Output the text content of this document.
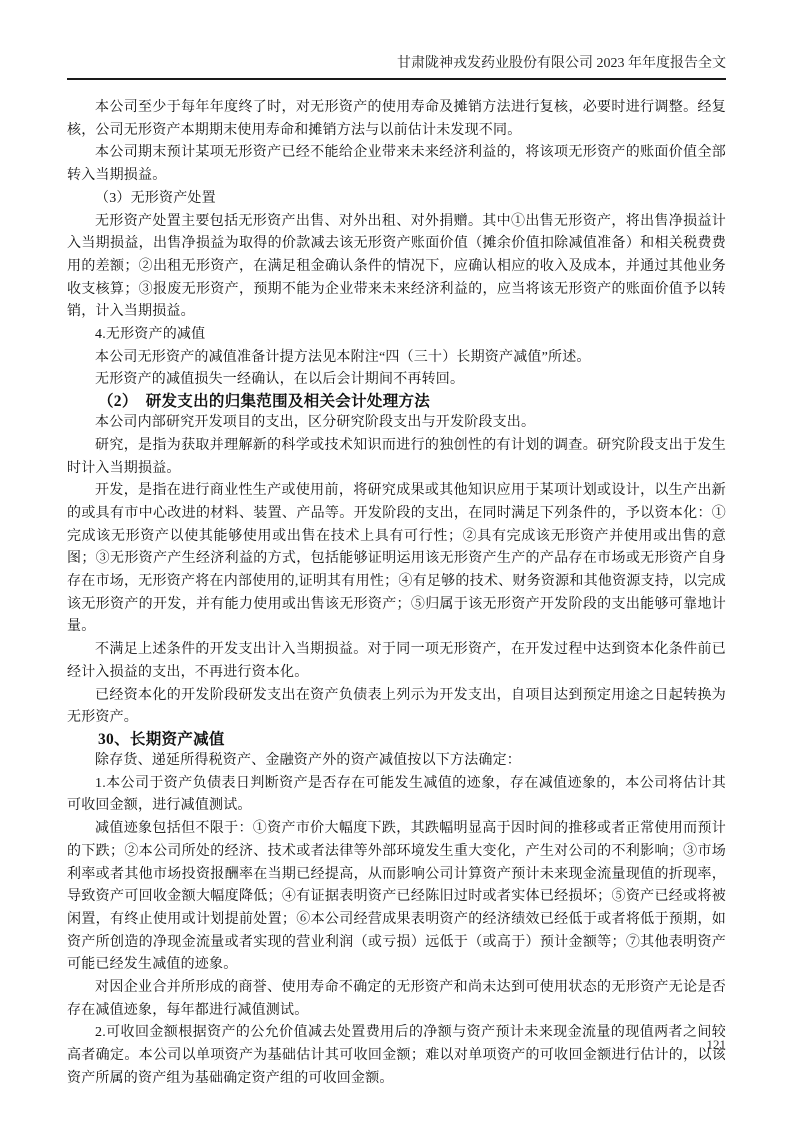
甘肃陇神戎发药业股份有限公司 2023 年年度报告全文

本公司至少于每年年度终了时，对无形资产的使用寿命及摊销方法进行复核，必要时进行调整。经复核，公司无形资产本期期末使用寿命和摊销方法与以前估计未发现不同。

本公司期末预计某项无形资产已经不能给企业带来未来经济利益的，将该项无形资产的账面价值全部转入当期损益。

（3）无形资产处置

无形资产处置主要包括无形资产出售、对外出租、对外捐赠。其中①出售无形资产，将出售净损益计入当期损益，出售净损益为取得的价款减去该无形资产账面价值（摊余价值扣除减值准备）和相关税费费用的差额；②出租无形资产，在满足租金确认条件的情况下，应确认相应的收入及成本，并通过其他业务收支核算；③报废无形资产，预期不能为企业带来未来经济利益的，应当将该无形资产的账面价值予以转销，计入当期损益。

4.无形资产的减值

本公司无形资产的减值准备计提方法见本附注“四（三十）长期资产减值”所述。

无形资产的减值损失一经确认，在以后会计期间不再转回。

（2）　研发支出的归集范围及相关会计处理方法

本公司内部研究开发项目的支出，区分研究阶段支出与开发阶段支出。

研究，是指为获取并理解新的科学或技术知识而进行的独创性的有计划的调查。研究阶段支出于发生时计入当期损益。

开发，是指在进行商业性生产或使用前，将研究成果或其他知识应用于某项计划或设计，以生产出新的或具有市中心改进的材料、装置、产品等。开发阶段的支出，在同时满足下列条件的，予以资本化：①完成该无形资产以使其能够使用或出售在技术上具有可行性；②具有完成该无形资产并使用或出售的意图；③无形资产产生经济利益的方式，包括能够证明运用该无形资产生产的产品存在市场或无形资产自身存在市场，无形资产将在内部使用的,证明其有用性；④有足够的技术、财务资源和其他资源支持，以完成该无形资产的开发，并有能力使用或出售该无形资产；⑤归属于该无形资产开发阶段的支出能够可靠地计量。

不满足上述条件的开发支出计入当期损益。对于同一项无形资产，在开发过程中达到资本化条件前已经计入损益的支出，不再进行资本化。

已经资本化的开发阶段研发支出在资产负债表上列示为开发支出，自项目达到预定用途之日起转换为无形资产。

30、长期资产减值

除存货、递延所得税资产、金融资产外的资产减值按以下方法确定：

1.本公司于资产负债表日判断资产是否存在可能发生减值的迹象，存在减值迹象的，本公司将估计其可收回金额，进行减值测试。

减值迹象包括但不限于：①资产市价大幅度下跌，其跌幅明显高于因时间的推移或者正常使用而预计的下跌；②本公司所处的经济、技术或者法律等外部环境发生重大变化，产生对公司的不利影响；③市场利率或者其他市场投资报酬率在当期已经提高，从而影响公司计算资产预计未来现金流量现值的折现率，导致资产可回收金额大幅度降低；④有证据表明资产已经陈旧过时或者实体已经损坏；⑤资产已经或将被闲置，有终止使用或计划提前处置；⑥本公司经营成果表明资产的经济绩效已经低于或者将低于预期，如资产所创造的净现金流量或者实现的营业利润（或亏损）远低于（或高于）预计金额等；⑦其他表明资产可能已经发生减值的迹象。

对因企业合并所形成的商誉、使用寿命不确定的无形资产和尚未达到可使用状态的无形资产无论是否存在减值迹象，每年都进行减值测试。

2.可收回金额根据资产的公允价值减去处置费用后的净额与资产预计未来现金流量的现值两者之间较高者确定。本公司以单项资产为基础估计其可收回金额；难以对单项资产的可收回金额进行估计的，以该资产所属的资产组为基础确定资产组的可收回金额。

121
